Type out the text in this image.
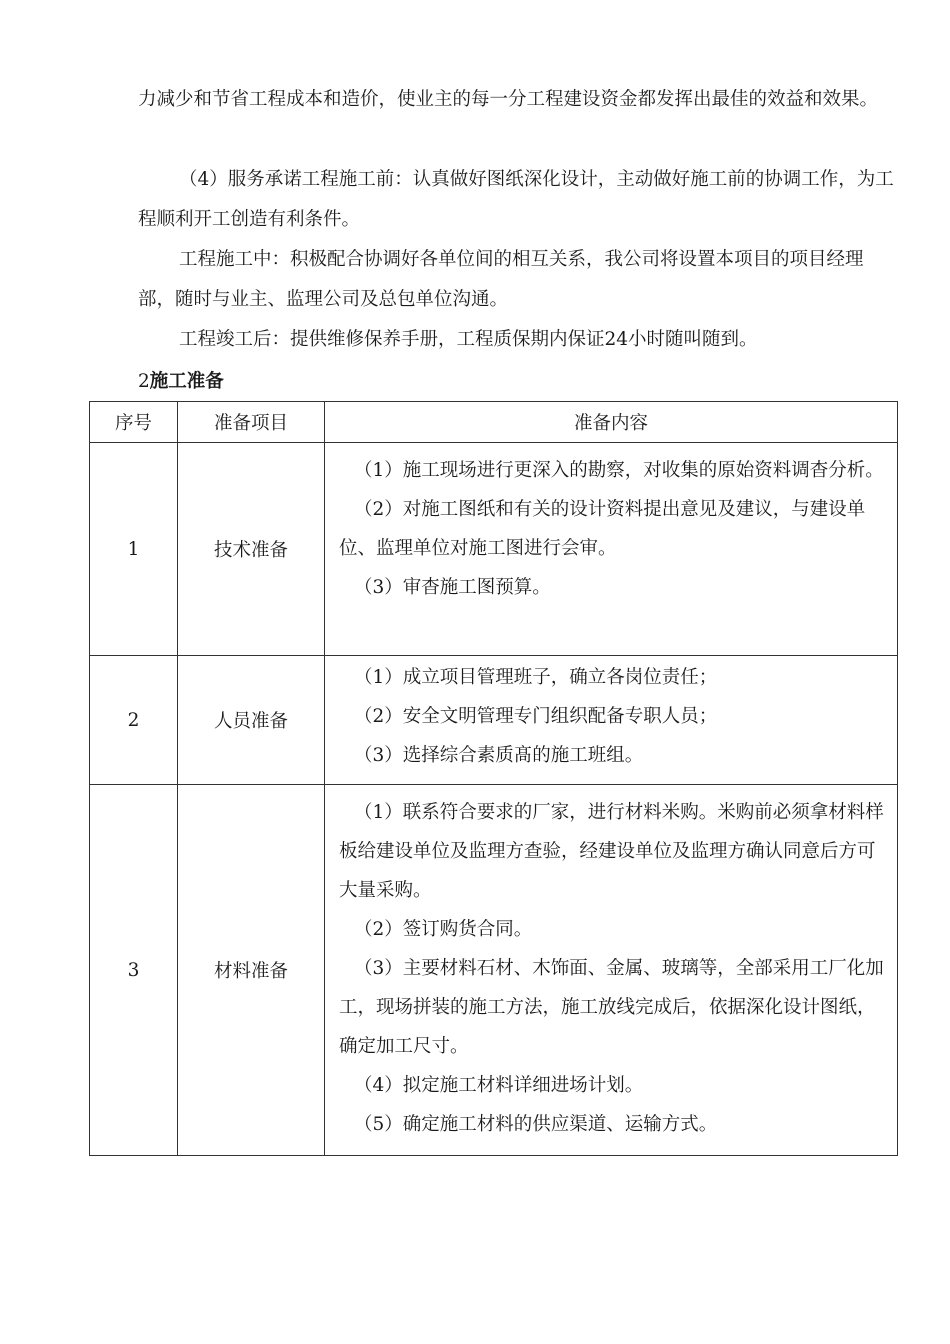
力减少和节省工程成本和造价，使业主的每一分工程建设资金都发挥出最佳的效益和效果。

（4）服务承诺工程施工前：认真做好图纸深化设计，主动做好施工前的协调工作，为工程顺利开工创造有利条件。

工程施工中：积极配合协调好各单位间的相互关系，我公司将设置本项目的项目经理部，随时与业主、监理公司及总包单位沟通。

工程竣工后：提供维修保养手册，工程质保期内保证24小时随叫随到。

2施工准备
序号	准备项目	准备内容
1	技术准备	（1）施工现场进行更深入的勘察，对收集的原始资料调杳分析。
（2）对施工图纸和有关的设计资料提出意见及建议，与建设单位、监理单位对施工图进行会审。
（3）审杳施工图预算。

2	人员准备	（1）成立项目管理班子，确立各岗位责任；
（2）安全文明管理专门组织配备专职人员；
（3）选择综合素质髙的施工班组。

3	材料准备	（1）联系符合要求的厂家，进行材料米购。米购前必须拿材料样板给建设单位及监理方查验，经建设单位及监理方确认同意后方可大量采购。
（2）签订购货合同。
（3）主要材料石材、木饰面、金属、玻璃等，全部采用工厂化加工，现场拼装的施工方法，施工放线完成后，依据深化设计图纸，确定加工尺寸。
（4）拟定施工材料详细进场计划。
（5）确定施工材料的供应渠道、运输方式。
